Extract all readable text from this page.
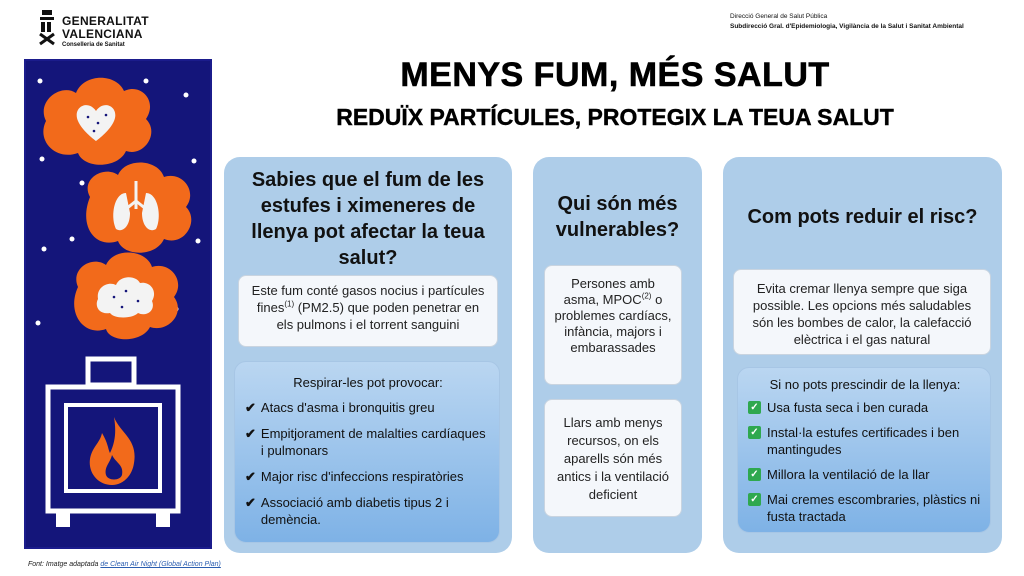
GENERALITAT
VALENCIANA
Conselleria de Sanitat
Direcció General de Salut Pública
Subdirecció Gral. d'Epidemiologia, Vigilància de la Salut i Sanitat Ambiental
MENYS FUM, MÉS SALUT
REDUÏX PARTÍCULES, PROTEGIX LA TEUA SALUT
Sabies que el fum de les estufes i ximeneres de llenya pot afectar la teua salut?
Este fum conté gasos nocius i partícules fines$^{(1)}$ (PM2.5) que poden penetrar en els pulmons i el torrent sanguini
Respirar-les pot provocar:
✔ Atacs d'asma i bronquitis greu
✔ Empitjorament de malalties cardíaques i pulmonars
✔ Major risc d'infeccions respiratòries
✔ Associació amb diabetis tipus 2 i demència.
Qui són més vulnerables?
Persones amb asma, MPOC$^{(2)}$ o problemes cardíacs, infància, majors i embarassades
Llars amb menys recursos, on els aparells són més antics i la ventilació deficient
Com pots reduir el risc?
Evita cremar llenya sempre que siga possible. Les opcions més saludables són les bombes de calor, la calefacció elèctrica i el gas natural
Si no pots prescindir de la llenya:
✓ Usa fusta seca i ben curada
✓ Instal·la estufes certificades i ben mantingudes
✓ Millora la ventilació de la llar
✓ Mai cremes escombraries, plàstics ni fusta tractada
Font: Imatge adaptada de Clean Air Night (Global Action Plan)
